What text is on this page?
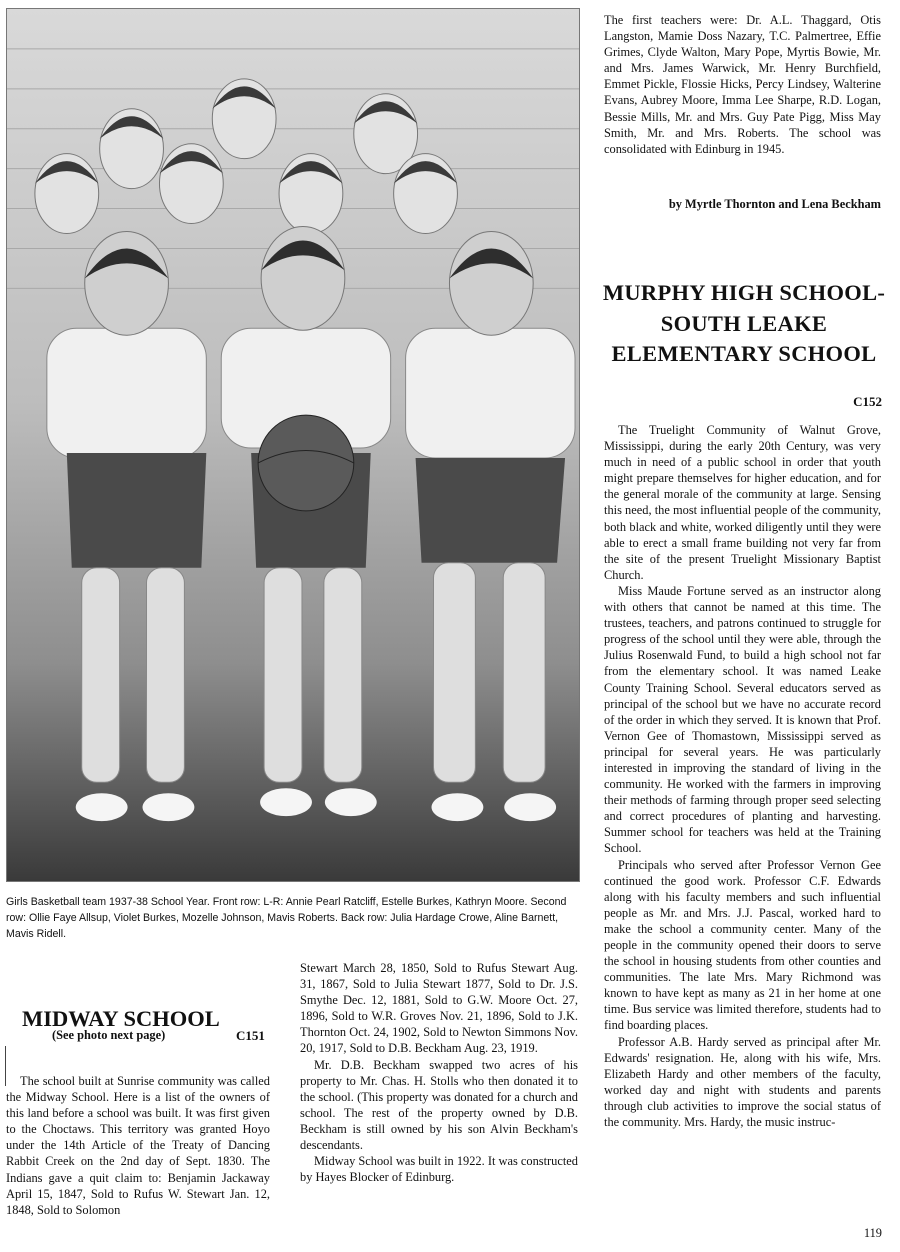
Girls Basketball team 1937-38 School Year. Front row: L-R: Annie Pearl Ratcliff, Estelle Burkes, Kathryn Moore. Second row: Ollie Faye Allsup, Violet Burkes, Mozelle Johnson, Mavis Roberts. Back row: Julia Hardage Crowe, Aline Barnett, Mavis Ridell.

The first teachers were: Dr. A.L. Thaggard, Otis Langston, Mamie Doss Nazary, T.C. Palmertree, Effie Grimes, Clyde Walton, Mary Pope, Myrtis Bowie, Mr. and Mrs. James Warwick, Mr. Henry Burchfield, Emmet Pickle, Flossie Hicks, Percy Lindsey, Walterine Evans, Aubrey Moore, Imma Lee Sharpe, R.D. Logan, Bessie Mills, Mr. and Mrs. Guy Pate Pigg, Miss May Smith, Mr. and Mrs. Roberts. The school was consolidated with Edinburg in 1945.

by Myrtle Thornton and Lena Beckham
MURPHY HIGH SCHOOL-SOUTH LEAKE ELEMENTARY SCHOOL
C152

The Truelight Community of Walnut Grove, Mississippi, during the early 20th Century, was very much in need of a public school in order that youth might prepare themselves for higher education, and for the general morale of the community at large. Sensing this need, the most influential people of the community, both black and white, worked diligently until they were able to erect a small frame building not very far from the site of the present Truelight Missionary Baptist Church.

Miss Maude Fortune served as an instructor along with others that cannot be named at this time. The trustees, teachers, and patrons continued to struggle for progress of the school until they were able, through the Julius Rosenwald Fund, to build a high school not far from the elementary school. It was named Leake County Training School. Several educators served as principal of the school but we have no accurate record of the order in which they served. It is known that Prof. Vernon Gee of Thomastown, Mississippi served as principal for several years. He was particularly interested in improving the standard of living in the community. He worked with the farmers in improving their methods of farming through proper seed selecting and correct procedures of planting and harvesting. Summer school for teachers was held at the Training School.

Principals who served after Professor Vernon Gee continued the good work. Professor C.F. Edwards along with his faculty members and such influential people as Mr. and Mrs. J.J. Pascal, worked hard to make the school a community center. Many of the people in the community opened their doors to serve the school in housing students from other counties and communities. The late Mrs. Mary Richmond was known to have kept as many as 21 in her home at one time. Bus service was limited therefore, students had to find boarding places.

Professor A.B. Hardy served as principal after Mr. Edwards' resignation. He, along with his wife, Mrs. Elizabeth Hardy and other members of the faculty, worked day and night with students and parents through club activities to improve the social status of the community. Mrs. Hardy, the music instruc-

MIDWAY SCHOOL
(See photo next page)	C151

The school built at Sunrise community was called the Midway School. Here is a list of the owners of this land before a school was built. It was first given to the Choctaws. This territory was granted Hoyo under the 14th Article of the Treaty of Dancing Rabbit Creek on the 2nd day of Sept. 1830. The Indians gave a quit claim to: Benjamin Jackaway April 15, 1847, Sold to Rufus W. Stewart Jan. 12, 1848, Sold to Solomon

Stewart March 28, 1850, Sold to Rufus Stewart Aug. 31, 1867, Sold to Julia Stewart 1877, Sold to Dr. J.S. Smythe Dec. 12, 1881, Sold to G.W. Moore Oct. 27, 1896, Sold to W.R. Groves Nov. 21, 1896, Sold to J.K. Thornton Oct. 24, 1902, Sold to Newton Simmons Nov. 20, 1917, Sold to D.B. Beckham Aug. 23, 1919.

Mr. D.B. Beckham swapped two acres of his property to Mr. Chas. H. Stolls who then donated it to the school. (This property was donated for a church and school. The rest of the property owned by D.B. Beckham is still owned by his son Alvin Beckham's descendants.

Midway School was built in 1922. It was constructed by Hayes Blocker of Edinburg.

119
